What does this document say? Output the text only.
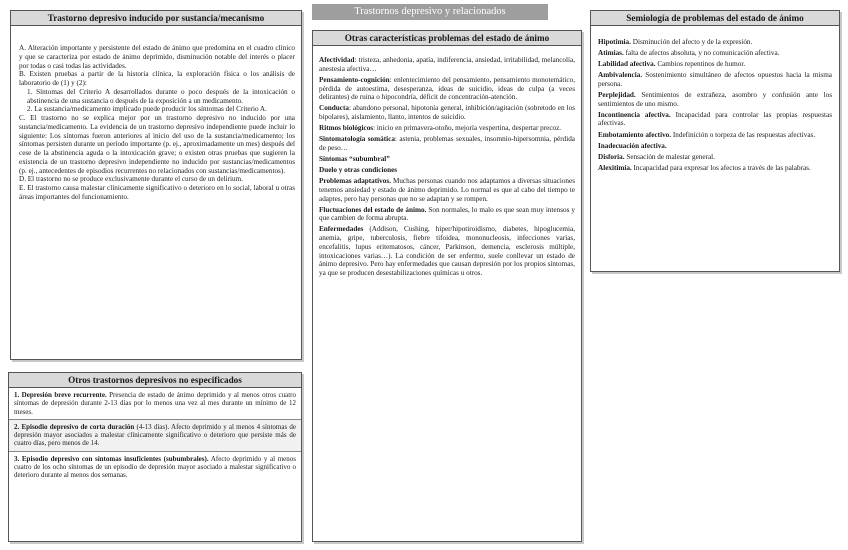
Trastornos depresivo y relacionados
Trastorno depresivo inducido por sustancia/mecanismo

A. Alteración importante y persistente del estado de ánimo que predomina en el cuadro clínico y que se caracteriza por estado de ánimo deprimido, disminución notable del interés o placer por todas o casi todas las actividades.

B. Existen pruebas a partir de la historia clínica, la exploración física o los análisis de laboratorio de (1) y (2):

1. Síntomas del Criterio A desarrollados durante o poco después de la intoxicación o abstinencia de una sustancia o después de la exposición a un medicamento.

2. La sustancia/medicamento implicado puede producir los síntomas del Criterio A.

C. El trastorno no se explica mejor por un trastorno depresivo no inducido por una sustancia/medicamento. La evidencia de un trastorno depresivo independiente puede incluir lo siguiente: Los síntomas fueron anteriores al inicio del uso de la sustancia/medicamento; los síntomas persisten durante un período importante (p. ej., aproximadamente un mes) después del cese de la abstinencia aguda o la intoxicación grave; o existen otras pruebas que sugieren la existencia de un trastorno depresivo independiente no inducido por sustancias/medicamentos (p. ej., antecedentes de episodios recurrentes no relacionados con sustancias/medicamentos).

D. El trastorno no se produce exclusivamente durante el curso de un delirium.

E. El trastorno causa malestar clínicamente significativo o deterioro en lo social, laboral u otras áreas importantes del funcionamiento.

Otros trastornos depresivos no especificados
1. Depresión breve recurrente. Presencia de estado de ánimo deprimido y al menos otros cuatro síntomas de depresión durante 2-13 días por lo menos una vez al mes durante un mínimo de 12 meses.
2. Episodio depresivo de corta duración (4-13 días). Afecto deprimido y al menos 4 síntomas de depresión mayor asociados a malestar clínicamente significativo o deterioro que persiste más de cuatro días, pero menos de 14.
3. Episodio depresivo con síntomas insuficientes (subumbrales). Afecto deprimido y al menos cuatro de los ocho síntomas de un episodio de depresión mayor asociado a malestar significativo o deterioro durante al menos dos semanas.
Otras características problemas del estado de ánimo

Afectividad: tristeza, anhedonia, apatía, indiferencia, ansiedad, irritabilidad, melancolía, anestesia afectiva…

Pensamiento-cognición: enlentecimiento del pensamiento, pensamiento monotemático, pérdida de autoestima, desesperanza, ideas de suicidio, ideas de culpa (a veces delirantes) de ruina o hipocondría, déficit de concentración-atención.

Conducta: abandono personal, hipotonía general, inhibición/agitación (sobretodo en los bipolares), aislamiento, llanto, intentos de suicidio.

Ritmos biológicos: inicio en primavera-otoño, mejoría vespertina, despertar precoz.

Sintomatología somática: astenia, problemas sexuales, insomnio-hipersomnia, pérdida de peso…

Síntomas “subumbral”

Duelo y otras condiciones

Problemas adaptativos. Muchas personas cuando nos adaptamos a diversas situaciones tenemos ansiedad y estado de ánimo deprimido. Lo normal es que al cabo del tiempo te adaptes, pero hay personas que no se adaptan y se rompen.

Fluctuaciones del estado de ánimo. Son normales, lo malo es que sean muy intensos y que cambien de forma abrupta.

Enfermedades (Addison, Cushing, hiper/hipotiroidismo, diabetes, hipoglucemia, anemia, gripe, tuberculosis, fiebre tifoidea, mononucleosis, infecciones varias, encefalitis, lupus eritematosos, cáncer, Parkinson, demencia, esclerosis múltiple, intoxicaciones varias…). La condición de ser enfermo, suele conllevar un estado de ánimo depresivo. Pero hay enfermedades que causan depresión por los propios síntomas, ya que se producen desestabilizaciones químicas u otros.

Semiología de problemas del estado de ánimo

Hipotimia. Disminución del afecto y de la expresión.

Atimias. falta de afectos absoluta, y no comunicación afectiva.

Labilidad afectiva. Cambios repentinos de humor.

Ambivalencia. Sostenimiento simultáneo de afectos opuestos hacia la misma persona.

Perplejidad. Sentimientos de extrañeza, asombro y confusión ante los sentimientos de uno mismo.

Incontinencia afectiva. Incapacidad para controlar las propias respuestas afectivas.

Embotamiento afectivo. Indefinición o torpeza de las respuestas afectivas.

Inadecuación afectiva.

Disforia. Sensación de malestar general.

Alexitimia. Incapacidad para expresar los afectos a través de las palabras.
